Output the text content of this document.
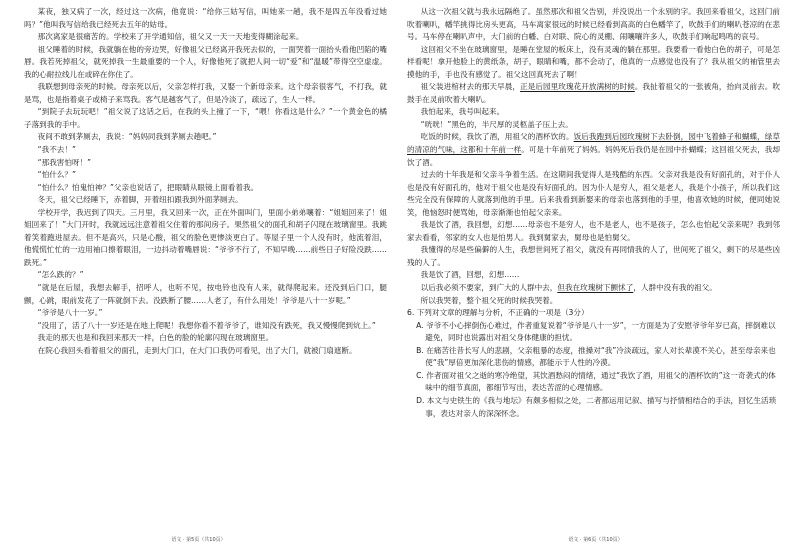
某夜，独又病了一次，经过这一次病，他竟说：“给你三姑写信，叫她来一趟，我不是四五年没看过她吗？”他叫我写信给我已经死去五年的姑母。

那次离家是很痛苦的。学校来了开学通知信，祖父又一天一天地变得糊涂起来。

祖父睡着的时候，我就躺在他的旁边哭，好像祖父已经离开我死去似的，一面哭着一面抬头看他凹陷的嘴唇。我若死掉祖父，就死掉我一生最重要的一个人，好像他死了就把人间一切“爱”和“温暖”带得空空虚虚。我的心耐拉线儿在或碎在你住了。

我联想到母亲死的时候。母亲死以后，父亲怎样打我，又娶一个新母亲来。这个母亲很客气，不打我，就是骂，也是指着桌子或椅子来骂我。客气是越客气了，但是冷淡了，疏远了，生人一样。

“到院子去玩玩吧！”祖父说了这话之后，在我的头上撞了一下，“喂！你看这是什么？”一个黄金色的橘子落到我的手中。

夜间不敢到茅厕去，我说：“妈妈同我到茅厕去趟吧。”

“我不去！”

“那我害怕呀！”

“怕什么？”

“怕什么？怕鬼怕神？”父亲也说话了，把眼睛从眼镜上面看着我。

冬天，祖父已经睡下，赤着脚，开着纽扣跟我到外面茅厕去。

学校开学，我迟到了四天。三月里，我又回来一次，正在外面叫门，里面小弟弟嚷着：“姐姐回来了！姐姐回来了！”大门开时，我就远远注意着祖父住着的那间房子。果然祖父的面孔和胡子闪现在玻璃窗里。我跳着笑着跑进屋去。但不是高兴，只是心酸，祖父的脸色更惨淡更白了。等屋子里一个人没有时，他流着泪，他慌慌忙忙的一边用袖口擦着眼泪，一边抖动着嘴唇说：“爷爷不行了，不知早晚……前些日子好险没跌……跌死。”

“怎么跌的？”

“就是在后屋，我想去解手，招呼人，也听不见，按电铃也没有人来，就得爬起来。还没到后门口，腿颤，心跳，眼前发花了一阵就倒下去。没跌断了腰……人老了，有什么用处！爷爷是八十一岁呢。”

“爷爷是八十一岁。”

“没用了，活了八十一岁还是在地上爬呢！我想你看不着爷爷了，谁知没有跌死，我又慢慢爬到炕上。”

我走的那天也是和我回来那天一样，白色的脸的轮廓闪现在玻璃窗里。

在院心我回头看着祖父的面孔，走到大门口，在大门口我仍可看见，出了大门，就被门扇遮断。

语文 · 第5页（共10页）

从这一次祖父就与我永远隔绝了。虽然那次和祖父告别，并没说出一个永别的字。我回来看祖父，这回门前吹着喇叭，幡竿挑得比房头更高，马车离家很远的时候已经看到高高的白色幡竿了，吹鼓手们的喇叭苍凉的在悲号。马车停在喇叭声中，大门前的白幡、白对联、院心的灵棚、闹嚷嚷许多人，吹鼓手们响起鸣鸣的哀号。

这回祖父不坐在玻璃窗里，是睡在堂屋的板床上，没有灵魂的躺在那里。我要看一看他白色的胡子，可是怎样看呢！拿开他脸上的黄纸条，胡子，眼睛和嘴，都不会动了，他真的一点感觉也没有了？我从祖父的袖管里去摸他的手，手也没有感觉了。祖父这回真死去了啊！

祖父装进棺材去的那天早晨，正是后园里玫瑰花开放满树的时候。我扯着祖父的一张被角，抬向灵前去。吹鼓手在灵前吹着大喇叭。

我怕起来，我号叫起来。

“咣咣！”黑色的，半尺厚的灵柩盖子压上去。

吃饭的时候，我饮了酒，用祖父的酒杯饮的。饭后我跑到后园玫瑰树下去卧倒，园中飞着蜂子和蝴蝶，绿草的清凉的气味，这都和十年前一样。可是十年前死了妈妈。妈妈死后我仍是在园中扑蝴蝶；这回祖父死去，我却饮了酒。

过去的十年我是和父亲斗争着生活。在这期间我觉得人是残酷的东西。父亲对我是没有好面孔的，对于仆人也是没有好面孔的，他对于祖父也是没有好面孔的。因为仆人是穷人，祖父是老人，我是个小孩子，所以我们这些完全没有保障的人就落到他的手里。后来我看到新娶来的母亲也落到他的手里，他喜欢她的时候，便同她说笑，他恼怒时便骂她，母亲渐渐也怕起父亲来。

我是饮了酒，我回想，幻想……母亲也不是穷人，也不是老人，也不是孩子，怎么也怕起父亲来呢？我到邻家去看看，邻家的女人也是怕男人。我到舅家去，舅母也是怕舅父。

我懂得的尽是些偏僻的人生，我想世间死了祖父，就没有再同情我的人了，世间死了祖父，剩下的尽是些凶残的人了。

我是饮了酒，回想，幻想……

以后我必须不要家，到广大的人群中去，但我在玫瑰树下颤怵了，人群中没有我的祖父。

所以我哭着，整个祖父死的时候我哭着。

6. 下列对文章的理解与分析，不正确的一项是（3分）

A. 爷爷不小心摔倒伤心难过，作者重复说着“爷爷是八十一岁”，一方面是为了安慰爷爷年岁已高，摔倒难以避免，同时也说露出对祖父身体健康的担忧。

B. 在痛苦往昔长写人的悲剧，父亲粗暴的态度，推搡对“我”冷淡疏远，家人对长辈漠不关心，甚至母亲来也使“我”厚倍更加深化悲伤的情感，都能示于人性的冷漠。

C. 作者面对祖父之逝的寒冷绝望，其饮酒愁闷的情绪，通过“我饮了酒，用祖父的酒杯饮的”这一奇袭式的体味中的细节真面，都细节写出，表达苦涩的心理情感。

D. 本文与史铁生的《我与地坛》有颇多相似之处，二者都运用记叙、描写与抒情相结合的手法，回忆生活琐事，表达对亲人的深深怀念。

语文 · 第6页（共10页）
